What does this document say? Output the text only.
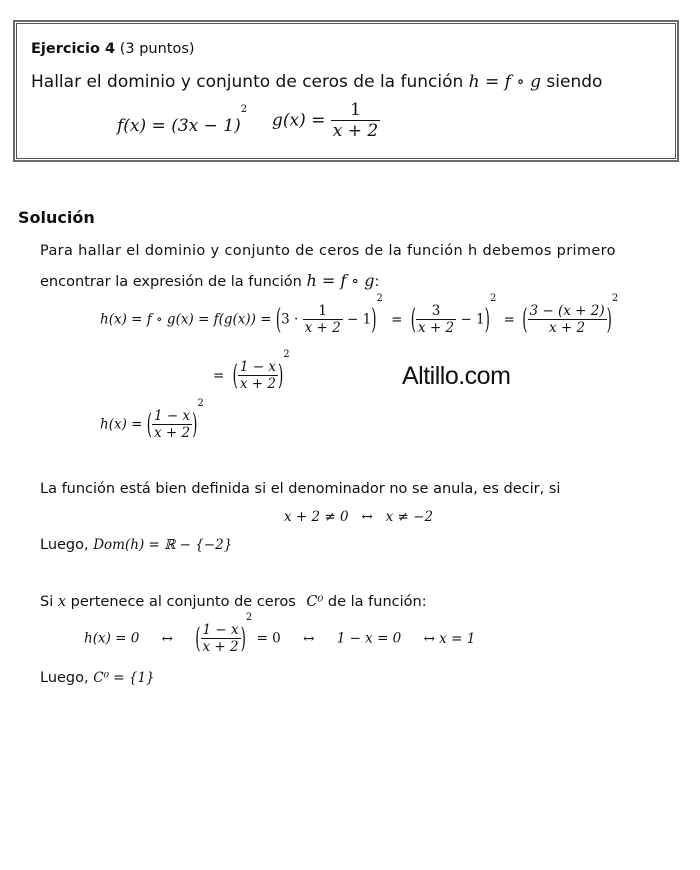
Ejercicio 4 (3 puntos)
Hallar el dominio y conjunto de ceros de la función h = f ∘ g siendo
$f(x) = (3x - 1)^2$
$g(x) = \frac{1}{x + 2}$
Solución
Para hallar el dominio y conjunto de ceros de la función h debemos primero
encontrar la expresión de la función h = f ∘ g:
h(x) = f ∘ $g(x) = f(g(x)) = (3 \cdot \frac{1}{x + 2} - 1)^2$ = ( $\frac{3}{x + 2} - 1)^2$ = ( $\frac{3 - (x + 2)}{x + 2} )^2$
= ( $\frac{1 - x}{x + 2} )^2$
Altillo.com
h(x) = ( $\frac{1 - x}{x + 2} )^2$
La función está bien definida si el denominador no se anula, es decir, si
x + 2 ≠ 0   ↔   x ≠ −2
Luego, Dom(h) = ℝ − {−2}
Si x pertenece al conjunto de ceros C⁰ de la función:
h(x) = 0 ↔ ( $\frac{1 - x}{x + 2} )^2 = 0$ ↔ 1 − x = 0 ↔ x = 1
Luego, C⁰ = {1}
